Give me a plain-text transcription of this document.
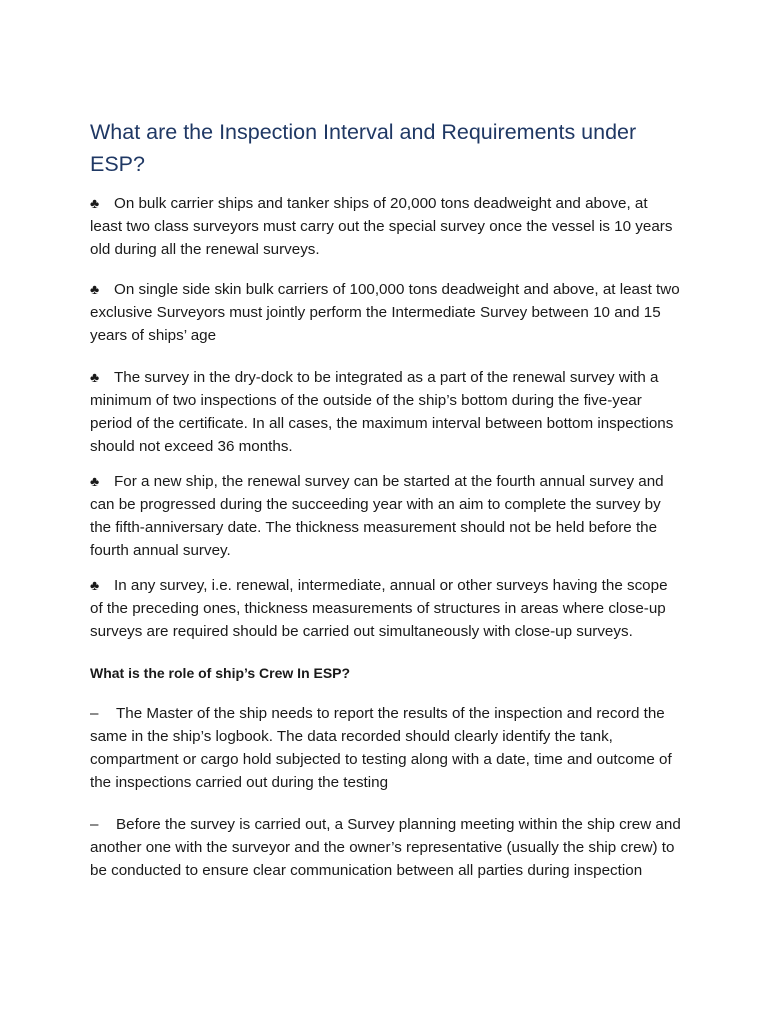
What are the Inspection Interval and Requirements under ESP?

♣ On bulk carrier ships and tanker ships of 20,000 tons deadweight and above, at least two class surveyors must carry out the special survey once the vessel is 10 years old during all the renewal surveys.

♣ On single side skin bulk carriers of 100,000 tons deadweight and above, at least two exclusive Surveyors must jointly perform the Intermediate Survey between 10 and 15 years of ships’ age

♣ The survey in the dry-dock to be integrated as a part of the renewal survey with a minimum of two inspections of the outside of the ship’s bottom during the five-year period of the certificate. In all cases, the maximum interval between bottom inspections should not exceed 36 months.

♣ For a new ship, the renewal survey can be started at the fourth annual survey and can be progressed during the succeeding year with an aim to complete the survey by the fifth-anniversary date. The thickness measurement should not be held before the fourth annual survey.

♣ In any survey, i.e. renewal, intermediate, annual or other surveys having the scope of the preceding ones, thickness measurements of structures in areas where close-up surveys are required should be carried out simultaneously with close-up surveys.

What is the role of ship’s Crew In ESP?

– The Master of the ship needs to report the results of the inspection and record the same in the ship’s logbook. The data recorded should clearly identify the tank, compartment or cargo hold subjected to testing along with a date, time and outcome of the inspections carried out during the testing

– Before the survey is carried out, a Survey planning meeting within the ship crew and another one with the surveyor and the owner’s representative (usually the ship crew) to be conducted to ensure clear communication between all parties during inspection
